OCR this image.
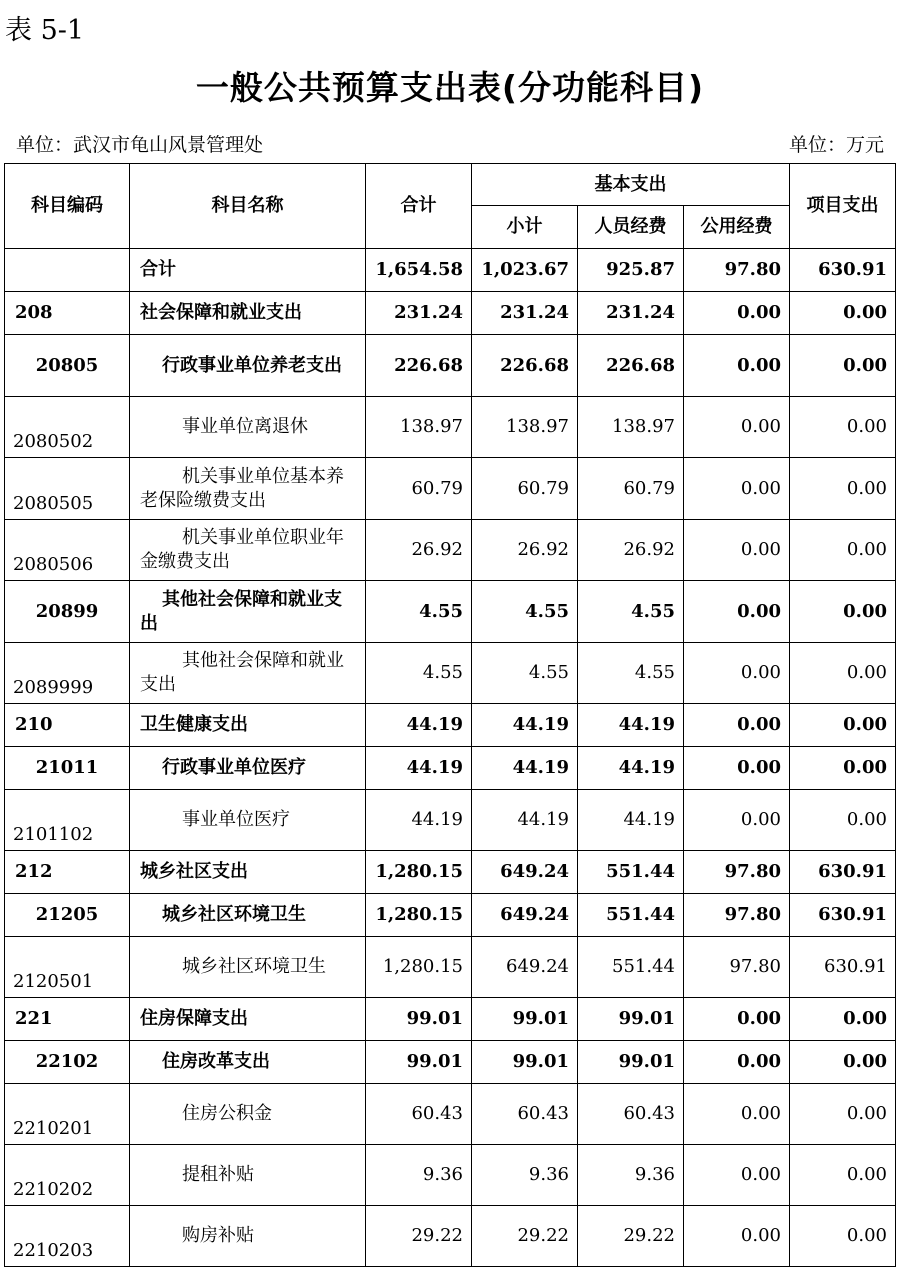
表 5-1
一般公共预算支出表(分功能科目)
单位：武汉市龟山风景管理处	单位：万元
科目编码	科目名称	合计	基本支出			项目支出
			小计	人员经费	公用经费	
	合计	1,654.58	1,023.67	925.87	97.80	630.91
208	社会保障和就业支出	231.24	231.24	231.24	0.00	0.00
20805	行政事业单位养老支出	226.68	226.68	226.68	0.00	0.00
2080502	事业单位离退休	138.97	138.97	138.97	0.00	0.00
2080505	机关事业单位基本养老保险缴费支出	60.79	60.79	60.79	0.00	0.00
2080506	机关事业单位职业年金缴费支出	26.92	26.92	26.92	0.00	0.00
20899	其他社会保障和就业支出	4.55	4.55	4.55	0.00	0.00
2089999	其他社会保障和就业支出	4.55	4.55	4.55	0.00	0.00
210	卫生健康支出	44.19	44.19	44.19	0.00	0.00
21011	行政事业单位医疗	44.19	44.19	44.19	0.00	0.00
2101102	事业单位医疗	44.19	44.19	44.19	0.00	0.00
212	城乡社区支出	1,280.15	649.24	551.44	97.80	630.91
21205	城乡社区环境卫生	1,280.15	649.24	551.44	97.80	630.91
2120501	城乡社区环境卫生	1,280.15	649.24	551.44	97.80	630.91
221	住房保障支出	99.01	99.01	99.01	0.00	0.00
22102	住房改革支出	99.01	99.01	99.01	0.00	0.00
2210201	住房公积金	60.43	60.43	60.43	0.00	0.00
2210202	提租补贴	9.36	9.36	9.36	0.00	0.00
2210203	购房补贴	29.22	29.22	29.22	0.00	0.00
